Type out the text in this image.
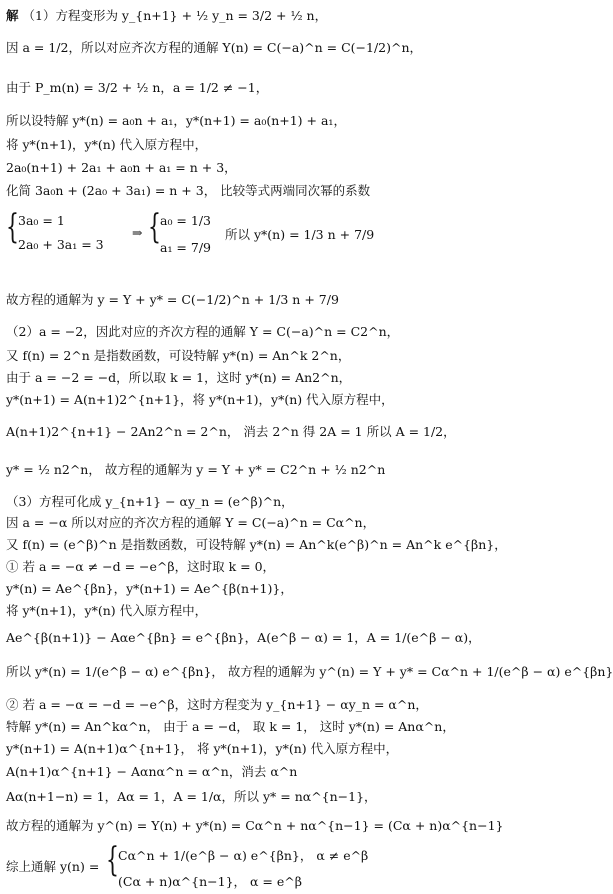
解 （1）方程变形为 y_{n+1} + ½ y_n = 3/2 + ½ n，
因 a = 1/2，所以对应齐次方程的通解 Y(n) = C(−a)^n = C(−1/2)^n，
由于 P_m(n) = 3/2 + ½ n，a = 1/2 ≠ −1，
所以设特解 y*(n) = a₀n + a₁，y*(n+1) = a₀(n+1) + a₁，
将 y*(n+1)，y*(n) 代入原方程中，
2a₀(n+1) + 2a₁ + a₀n + a₁ = n + 3，
化简 3a₀n + (2a₀ + 3a₁) = n + 3， 比较等式两端同次幂的系数
{ 3a₀ = 1
2a₀ + 3a₁ = 3
⇒ { a₀ = 1/3
a₁ = 7/9
所以 y*(n) = 1/3 n + 7/9
故方程的通解为 y = Y + y* = C(−1/2)^n + 1/3 n + 7/9
（2）a = −2，因此对应的齐次方程的通解 Y = C(−a)^n = C2^n，
又 f(n) = 2^n 是指数函数，可设特解 y*(n) = An^k 2^n，
由于 a = −2 = −d，所以取 k = 1，这时 y*(n) = An2^n，
y*(n+1) = A(n+1)2^{n+1}，将 y*(n+1)，y*(n) 代入原方程中，
A(n+1)2^{n+1} − 2An2^n = 2^n， 消去 2^n 得 2A = 1 所以 A = 1/2，
y* = ½ n2^n， 故方程的通解为 y = Y + y* = C2^n + ½ n2^n
（3）方程可化成 y_{n+1} − αy_n = (e^β)^n，
因 a = −α 所以对应的齐次方程的通解 Y = C(−a)^n = Cα^n，
又 f(n) = (e^β)^n 是指数函数，可设特解 y*(n) = An^k(e^β)^n = An^k e^{βn}，
① 若 a = −α ≠ −d = −e^β，这时取 k = 0，
y*(n) = Ae^{βn}，y*(n+1) = Ae^{β(n+1)}，
将 y*(n+1)，y*(n) 代入原方程中，
Ae^{β(n+1)} − Aαe^{βn} = e^{βn}，A(e^β − α) = 1，A = 1/(e^β − α)，
所以 y*(n) = 1/(e^β − α) e^{βn}， 故方程的通解为 y^(n) = Y + y* = Cα^n + 1/(e^β − α) e^{βn}
② 若 a = −α = −d = −e^β，这时方程变为 y_{n+1} − αy_n = α^n，
特解 y*(n) = An^kα^n， 由于 a = −d， 取 k = 1， 这时 y*(n) = Anα^n，
y*(n+1) = A(n+1)α^{n+1}， 将 y*(n+1)，y*(n) 代入原方程中，
A(n+1)α^{n+1} − Aαnα^n = α^n，消去 α^n
Aα(n+1−n) = 1，Aα = 1，A = 1/α，所以 y* = nα^{n−1}，
故方程的通解为 y^(n) = Y(n) + y*(n) = Cα^n + nα^{n−1} = (Cα + n)α^{n−1}
综上通解 y(n) = { Cα^n + 1/(e^β − α) e^{βn}， α ≠ e^β
(Cα + n)α^{n−1}， α = e^β
